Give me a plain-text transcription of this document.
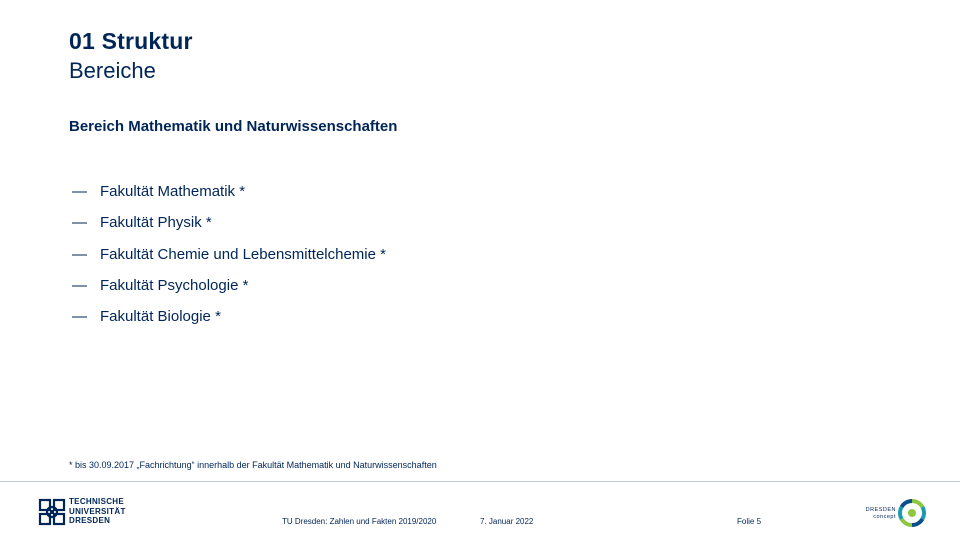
01 Struktur
Bereiche
Bereich Mathematik und Naturwissenschaften
— Fakultät Mathematik *
— Fakultät Physik *
— Fakultät Chemie und Lebensmittelchemie *
— Fakultät Psychologie *
— Fakultät Biologie *
* bis 30.09.2017 „Fachrichtung“ innerhalb der Fakultät Mathematik und Naturwissenschaften
TECHNISCHE
UNIVERSITÄT
DRESDEN	TU Dresden: Zahlen und Fakten 2019/2020	7. Januar 2022	Folie 5
DRESDEN
concept
